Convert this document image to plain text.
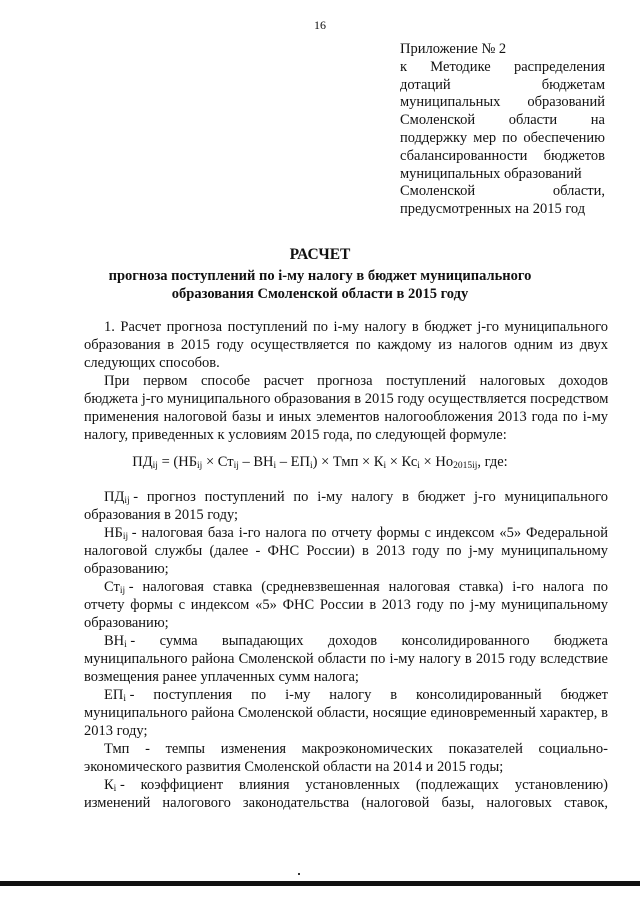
16
Приложение № 2
к Методике распределения
дотаций бюджетам
муниципальных образований
Смоленской области на
поддержку мер по обеспечению
сбалансированности бюджетов
муниципальных образований
Смоленской области,
предусмотренных на 2015 год
РАСЧЕТ
прогноза поступлений по i-му налогу в бюджет муниципального образования Смоленской области в 2015 году
1. Расчет прогноза поступлений по i-му налогу в бюджет j-го муниципального
образования в 2015 году осуществляется по каждому из налогов одним из двух
следующих способов.
При первом способе расчет прогноза поступлений налоговых доходов
бюджета j-го муниципального образования в 2015 году осуществляется посредством
применения налоговой базы и иных элементов налогообложения 2013 года по i-му
налогу, приведенных к условиям 2015 года, по следующей формуле:
$ПД_{ij} = (НБ_{ij} \times Ст_{ij} - ВН_i - ЕП_i)$ × Тмп × $К_i \times Кс_i \times Но_{2015ij}$, где:
$ПД_{ij}$ - прогноз поступлений по i-му налогу в бюджет j-го муниципального
образования в 2015 году;
$НБ_{ij}$ - налоговая база i-го налога по отчету формы с индексом «5» Федеральной
налоговой службы (далее - ФНС России) в 2013 году по j-му муниципальному
образованию;
$Ст_{ij}$ - налоговая ставка (средневзвешенная налоговая ставка) i-го налога по
отчету формы с индексом «5» ФНС России в 2013 году по j-му муниципальному
образованию;
$ВН_i$ - сумма выпадающих доходов консолидированного бюджета
муниципального района Смоленской области по i-му налогу в 2015 году вследствие
возмещения ранее уплаченных сумм налога;
$ЕП_i$ - поступления по i-му налогу в консолидированный бюджет
муниципального района Смоленской области, носящие единовременный характер, в
2013 году;
Тмп - темпы изменения макроэкономических показателей социально-
экономического развития Смоленской области на 2014 и 2015 годы;
$К_i$ - коэффициент влияния установленных (подлежащих установлению)
изменений налогового законодательства (налоговой базы, налоговых ставок,
